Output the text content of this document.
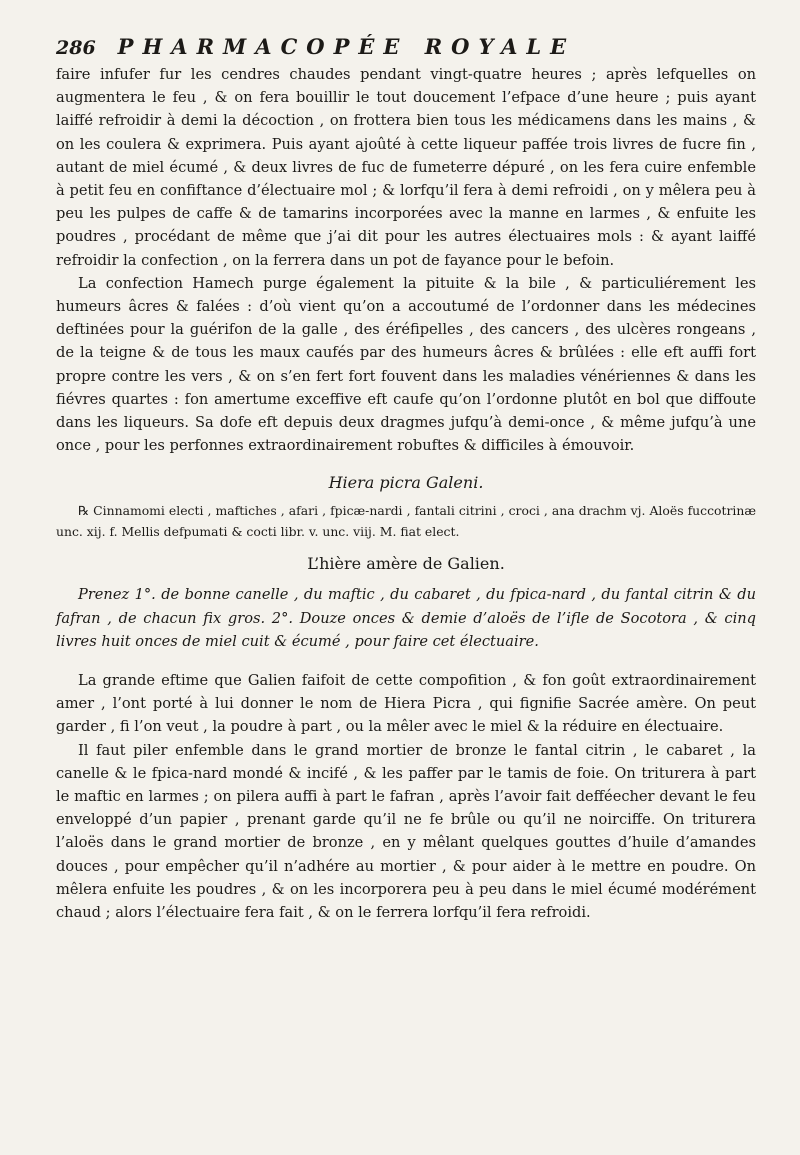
286 PHARMACOPÉE ROYALE

faire infufer fur les cendres chaudes pendant vingt-quatre heures ; après lefquelles on augmentera le feu , & on fera bouillir le tout doucement l’efpace d’une heure ; puis ayant laiffé refroidir à demi la décoction , on frottera bien tous les médicamens dans les mains , & on les coulera & exprimera. Puis ayant ajoûté à cette liqueur paffée trois livres de fucre fin , autant de miel écumé , & deux livres de fuc de fumeterre dépuré , on les fera cuire enfemble à petit feu en confiftance d’électuaire mol ; & lorfqu’il fera à demi refroidi , on y mêlera peu à peu les pulpes de caffe & de tamarins incorporées avec la manne en larmes , & enfuite les poudres , procédant de même que j’ai dit pour les autres électuaires mols : & ayant laiffé refroidir la confection , on la ferrera dans un pot de fayance pour le befoin.

La confection Hamech purge également la pituite & la bile , & particuliérement les humeurs âcres & falées : d’où vient qu’on a accoutumé de l’ordonner dans les médecines deftinées pour la guérifon de la galle , des éréfipelles , des cancers , des ulcères rongeans , de la teigne & de tous les maux caufés par des humeurs âcres & brûlées : elle eft auffi fort propre contre les vers , & on s’en fert fort fouvent dans les maladies vénériennes & dans les fiévres quartes : fon amertume exceffive eft caufe qu’on l’ordonne plutôt en bol que diffoute dans les liqueurs. Sa dofe eft depuis deux dragmes jufqu’à demi-once , & même jufqu’à une once , pour les perfonnes extraordinairement robuftes & difficiles à émouvoir.

Hiera picra Galeni.

℞ Cinnamomi electi , maftiches , afari , fpicæ-nardi , fantali citrini , croci , ana drachm vj. Aloës fuccotrinæ unc. xij. f. Mellis defpumati & cocti libr. v. unc. viij. M. fiat elect.

L’hière amère de Galien.

Prenez 1°. de bonne canelle , du maftic , du cabaret , du fpica-nard , du fantal citrin & du fafran , de chacun fix gros. 2°. Douze onces & demie d’aloës de l’ifle de Socotora , & cinq livres huit onces de miel cuit & écumé , pour faire cet électuaire.

La grande eftime que Galien faifoit de cette compofition , & fon goût extraordinairement amer , l’ont porté à lui donner le nom de Hiera Picra , qui fignifie Sacrée amère. On peut garder , fi l’on veut , la poudre à part , ou la mêler avec le miel & la réduire en électuaire.

Il faut piler enfemble dans le grand mortier de bronze le fantal citrin , le cabaret , la canelle & le fpica-nard mondé & incifé , & les paffer par le tamis de foie. On triturera à part le maftic en larmes ; on pilera auffi à part le fafran , après l’avoir fait defféecher devant le feu enveloppé d’un papier , prenant garde qu’il ne fe brûle ou qu’il ne noirciffe. On triturera l’aloës dans le grand mortier de bronze , en y mêlant quelques gouttes d’huile d’amandes douces , pour empêcher qu’il n’adhére au mortier , & pour aider à le mettre en poudre. On mêlera enfuite les poudres , & on les incorporera peu à peu dans le miel écumé modérément chaud ; alors l’électuaire fera fait , & on le ferrera lorfqu’il fera refroidi.
